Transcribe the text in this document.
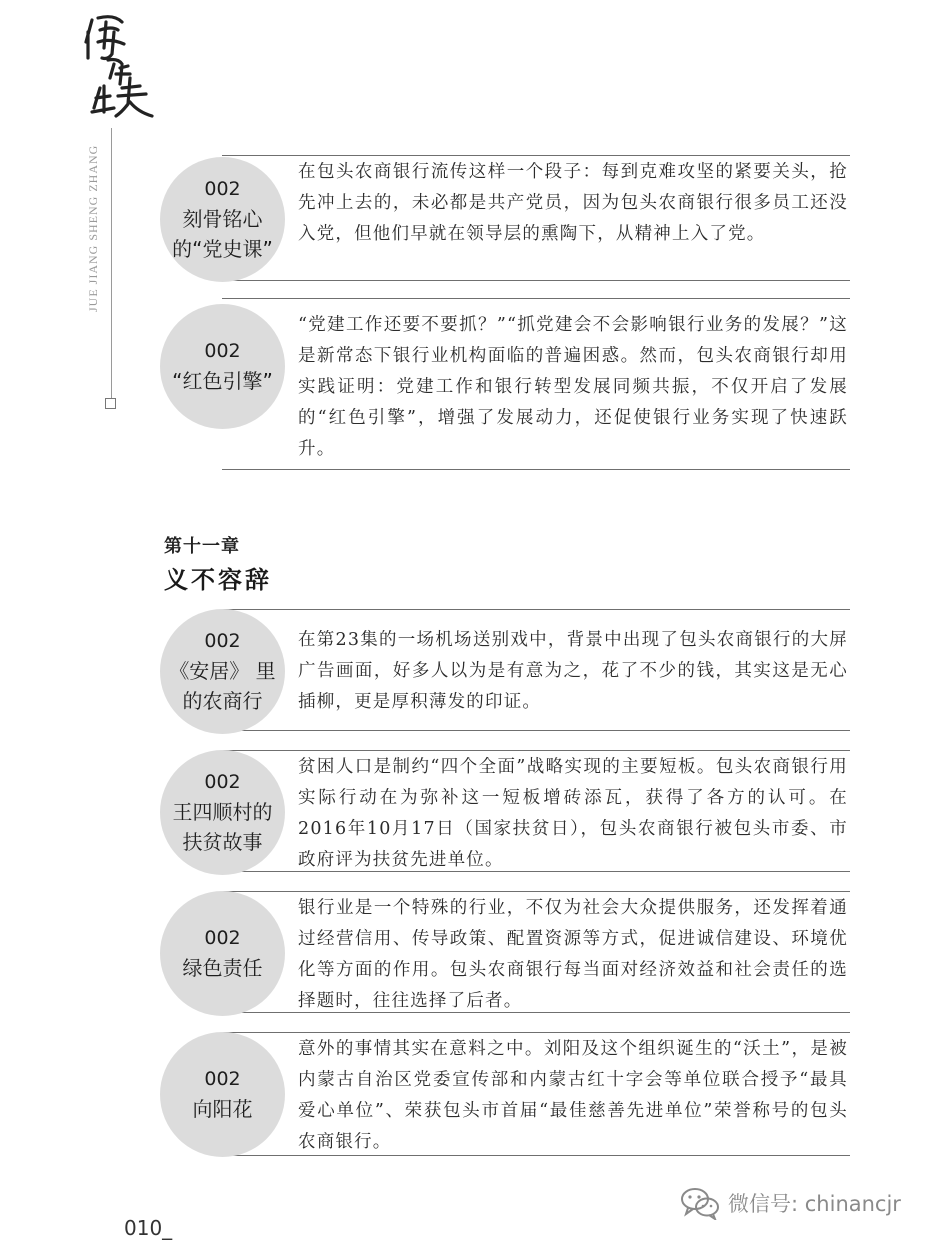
JUE JIANG SHENG ZHANG	002
刻骨铭心的“党史课”
在包头农商银行流传这样一个段子：每到克难攻坚的紧要关头，抢先冲上去的，未必都是共产党员，因为包头农商银行很多员工还没入党，但他们早就在领导层的熏陶下，从精神上入了党。
002
“红色引擎”
“党建工作还要不要抓？”“抓党建会不会影响银行业务的发展？”这是新常态下银行业机构面临的普遍困惑。然而，包头农商银行却用实践证明：党建工作和银行转型发展同频共振，不仅开启了发展的“红色引擎”，增强了发展动力，还促使银行业务实现了快速跃升。
第十一章
义不容辞
002
《安居》 里的农商行
在第23集的一场机场送别戏中，背景中出现了包头农商银行的大屏广告画面，好多人以为是有意为之，花了不少的钱，其实这是无心插柳，更是厚积薄发的印证。
002
王四顺村的扶贫故事
贫困人口是制约“四个全面”战略实现的主要短板。包头农商银行用实际行动在为弥补这一短板增砖添瓦，获得了各方的认可。在2016年10月17日（国家扶贫日），包头农商银行被包头市委、市政府评为扶贫先进单位。
002
绿色责任
银行业是一个特殊的行业，不仅为社会大众提供服务，还发挥着通过经营信用、传导政策、配置资源等方式，促进诚信建设、环境优化等方面的作用。包头农商银行每当面对经济效益和社会责任的选择题时，往往选择了后者。
002
向阳花
意外的事情其实在意料之中。刘阳及这个组织诞生的“沃土”，是被内蒙古自治区党委宣传部和内蒙古红十字会等单位联合授予“最具爱心单位”、荣获包头市首届“最佳慈善先进单位”荣誉称号的包头农商银行。
010_
微信号: chinancjr
